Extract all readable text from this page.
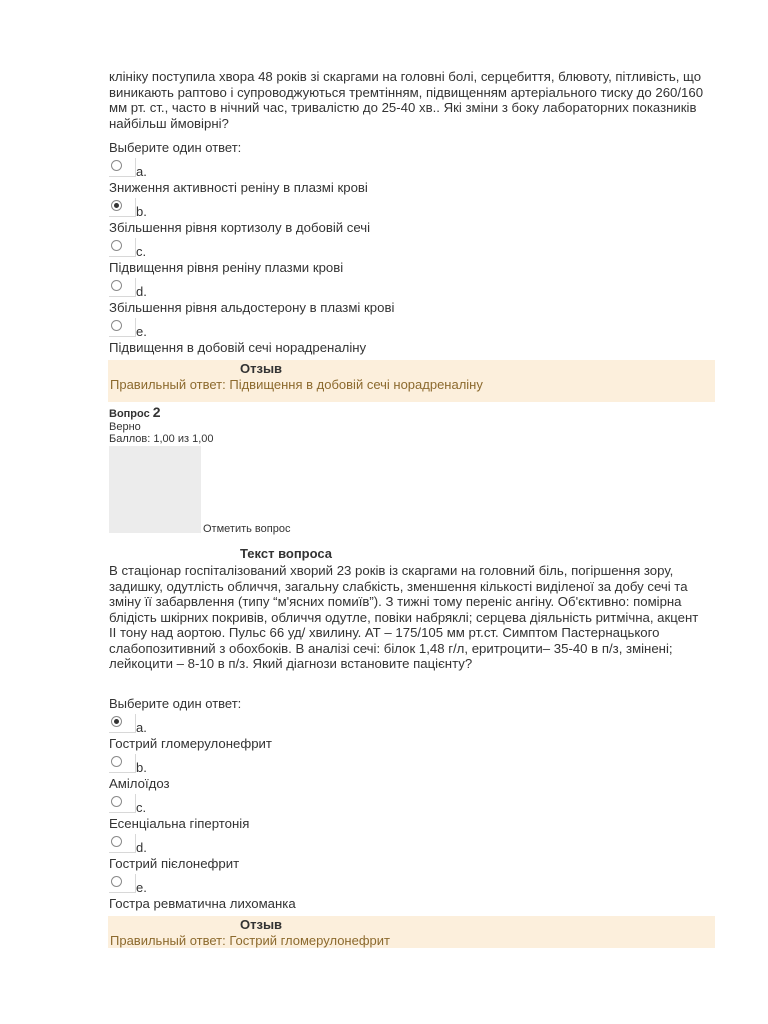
клініку поступила хвора 48 років зі скаргами на головні болі, серцебиття, блювоту, пітливість, що виникають раптово і супроводжуються тремтінням, підвищенням артеріального тиску до 260/160 мм рт. ст., часто в нічний час, тривалістю до 25-40 хв.. Які зміни з боку лабораторних показників найбільш ймовірні?
Выберите один ответ:
a.
Зниження активності реніну в плазмі крові
b.
Збільшення рівня кортизолу в добовій сечі
c.
Підвищення рівня реніну плазми крові
d.
Збільшення рівня альдостерону в плазмі крові
e.
Підвищення в добовій сечі норадреналіну
Отзыв
Правильный ответ: Підвищення в добовій сечі норадреналіну
Вопрос 2
Верно
Баллов: 1,00 из 1,00
Отметить вопрос
Текст вопроса
В стаціонар госпіталізований хворий 23 років із скаргами на головний біль, погіршення зору, задишку, одутлість обличчя, загальну слабкість, зменшення кількості виділеної за добу сечі та зміну її забарвлення (типу “м'ясних помиїв”). З тижні тому переніс ангіну. Об'єктивно: помірна блідість шкірних покривів, обличчя одутле, повіки набряклі; серцева діяльність ритмічна, акцент II тону над аортою. Пульс 66 уд/ хвилину. АТ – 175/105 мм рт.ст. Симптом Пастернацького слабопозитивний з обохбоків. В аналізі сечі: білок 1,48 г/л, еритроцити– 35-40 в п/з, змінені; лейкоцити – 8-10 в п/з. Який діагнози встановите пацієнту?
Выберите один ответ:
a.
Гострий гломерулонефрит
b.
Амілоїдоз
c.
Есенціальна гіпертонія
d.
Гострий пієлонефрит
e.
Гостра ревматична лихоманка
Отзыв
Правильный ответ: Гострий гломерулонефрит
